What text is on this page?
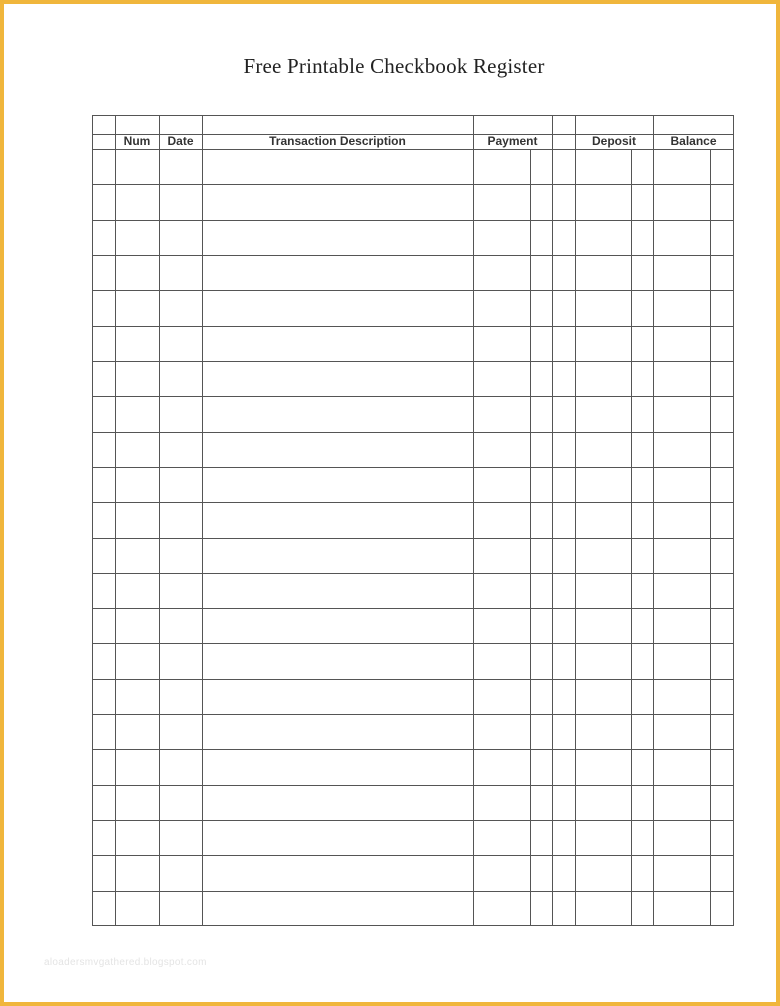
Free Printable Checkbook Register
Num	Date	Transaction Description	Payment	Deposit	Balance
aloadersmvgathered.blogspot.com
